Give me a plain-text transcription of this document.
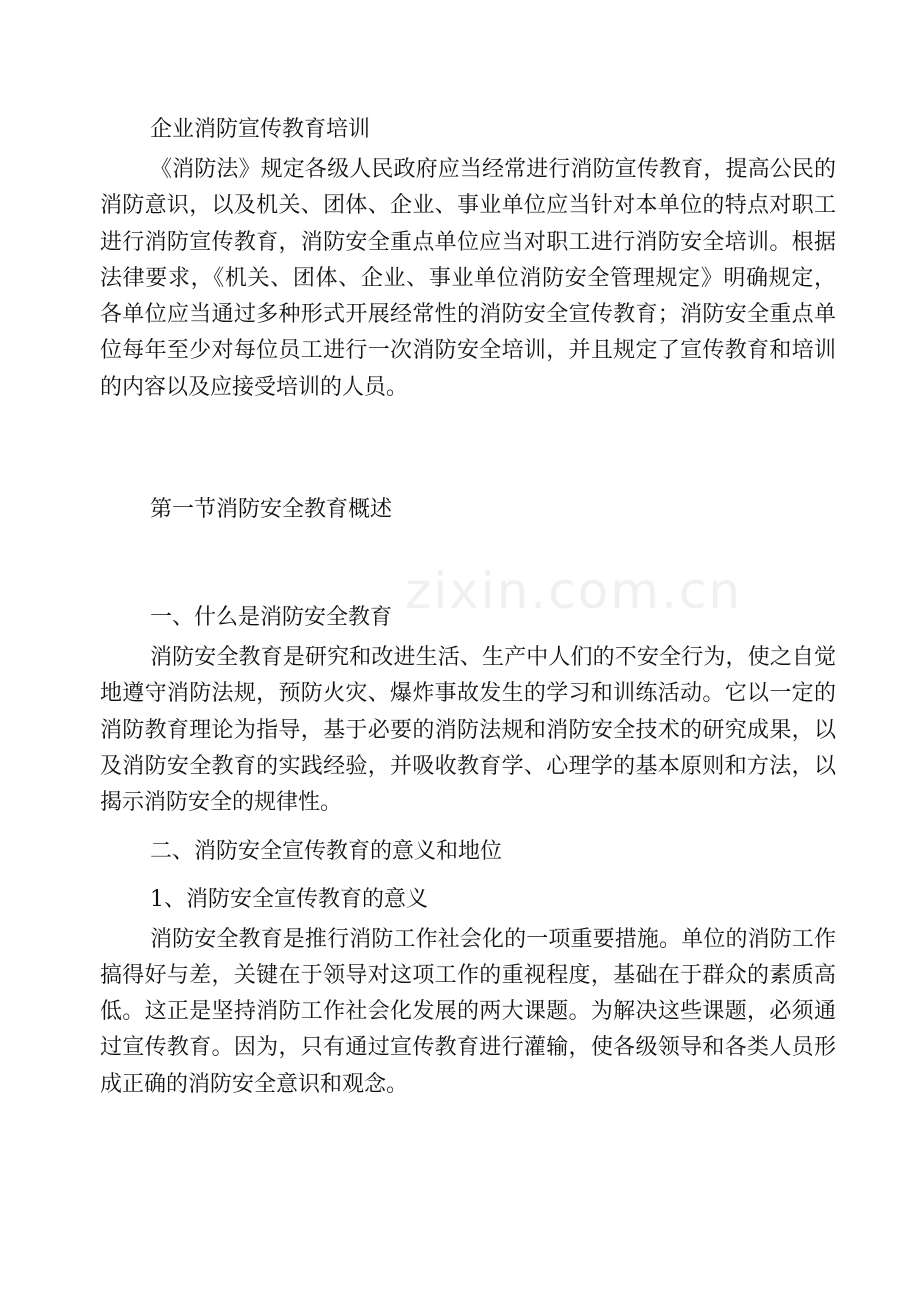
zixin.com.cn
企业消防宣传教育培训

《消防法》规定各级人民政府应当经常进行消防宣传教育，提高公民的消防意识，以及机关、团体、企业、事业单位应当针对本单位的特点对职工进行消防宣传教育，消防安全重点单位应当对职工进行消防安全培训。根据法律要求，《机关、团体、企业、事业单位消防安全管理规定》明确规定，各单位应当通过多种形式开展经常性的消防安全宣传教育；消防安全重点单位每年至少对每位员工进行一次消防安全培训，并且规定了宣传教育和培训的内容以及应接受培训的人员。

第一节消防安全教育概述
一、什么是消防安全教育

消防安全教育是研究和改进生活、生产中人们的不安全行为，使之自觉地遵守消防法规，预防火灾、爆炸事故发生的学习和训练活动。它以一定的消防教育理论为指导，基于必要的消防法规和消防安全技术的研究成果，以及消防安全教育的实践经验，并吸收教育学、心理学的基本原则和方法，以揭示消防安全的规律性。

二、消防安全宣传教育的意义和地位
1、消防安全宣传教育的意义

消防安全教育是推行消防工作社会化的一项重要措施。单位的消防工作搞得好与差，关键在于领导对这项工作的重视程度，基础在于群众的素质高低。这正是坚持消防工作社会化发展的两大课题。为解决这些课题，必须通过宣传教育。因为，只有通过宣传教育进行灌输，使各级领导和各类人员形成正确的消防安全意识和观念。
